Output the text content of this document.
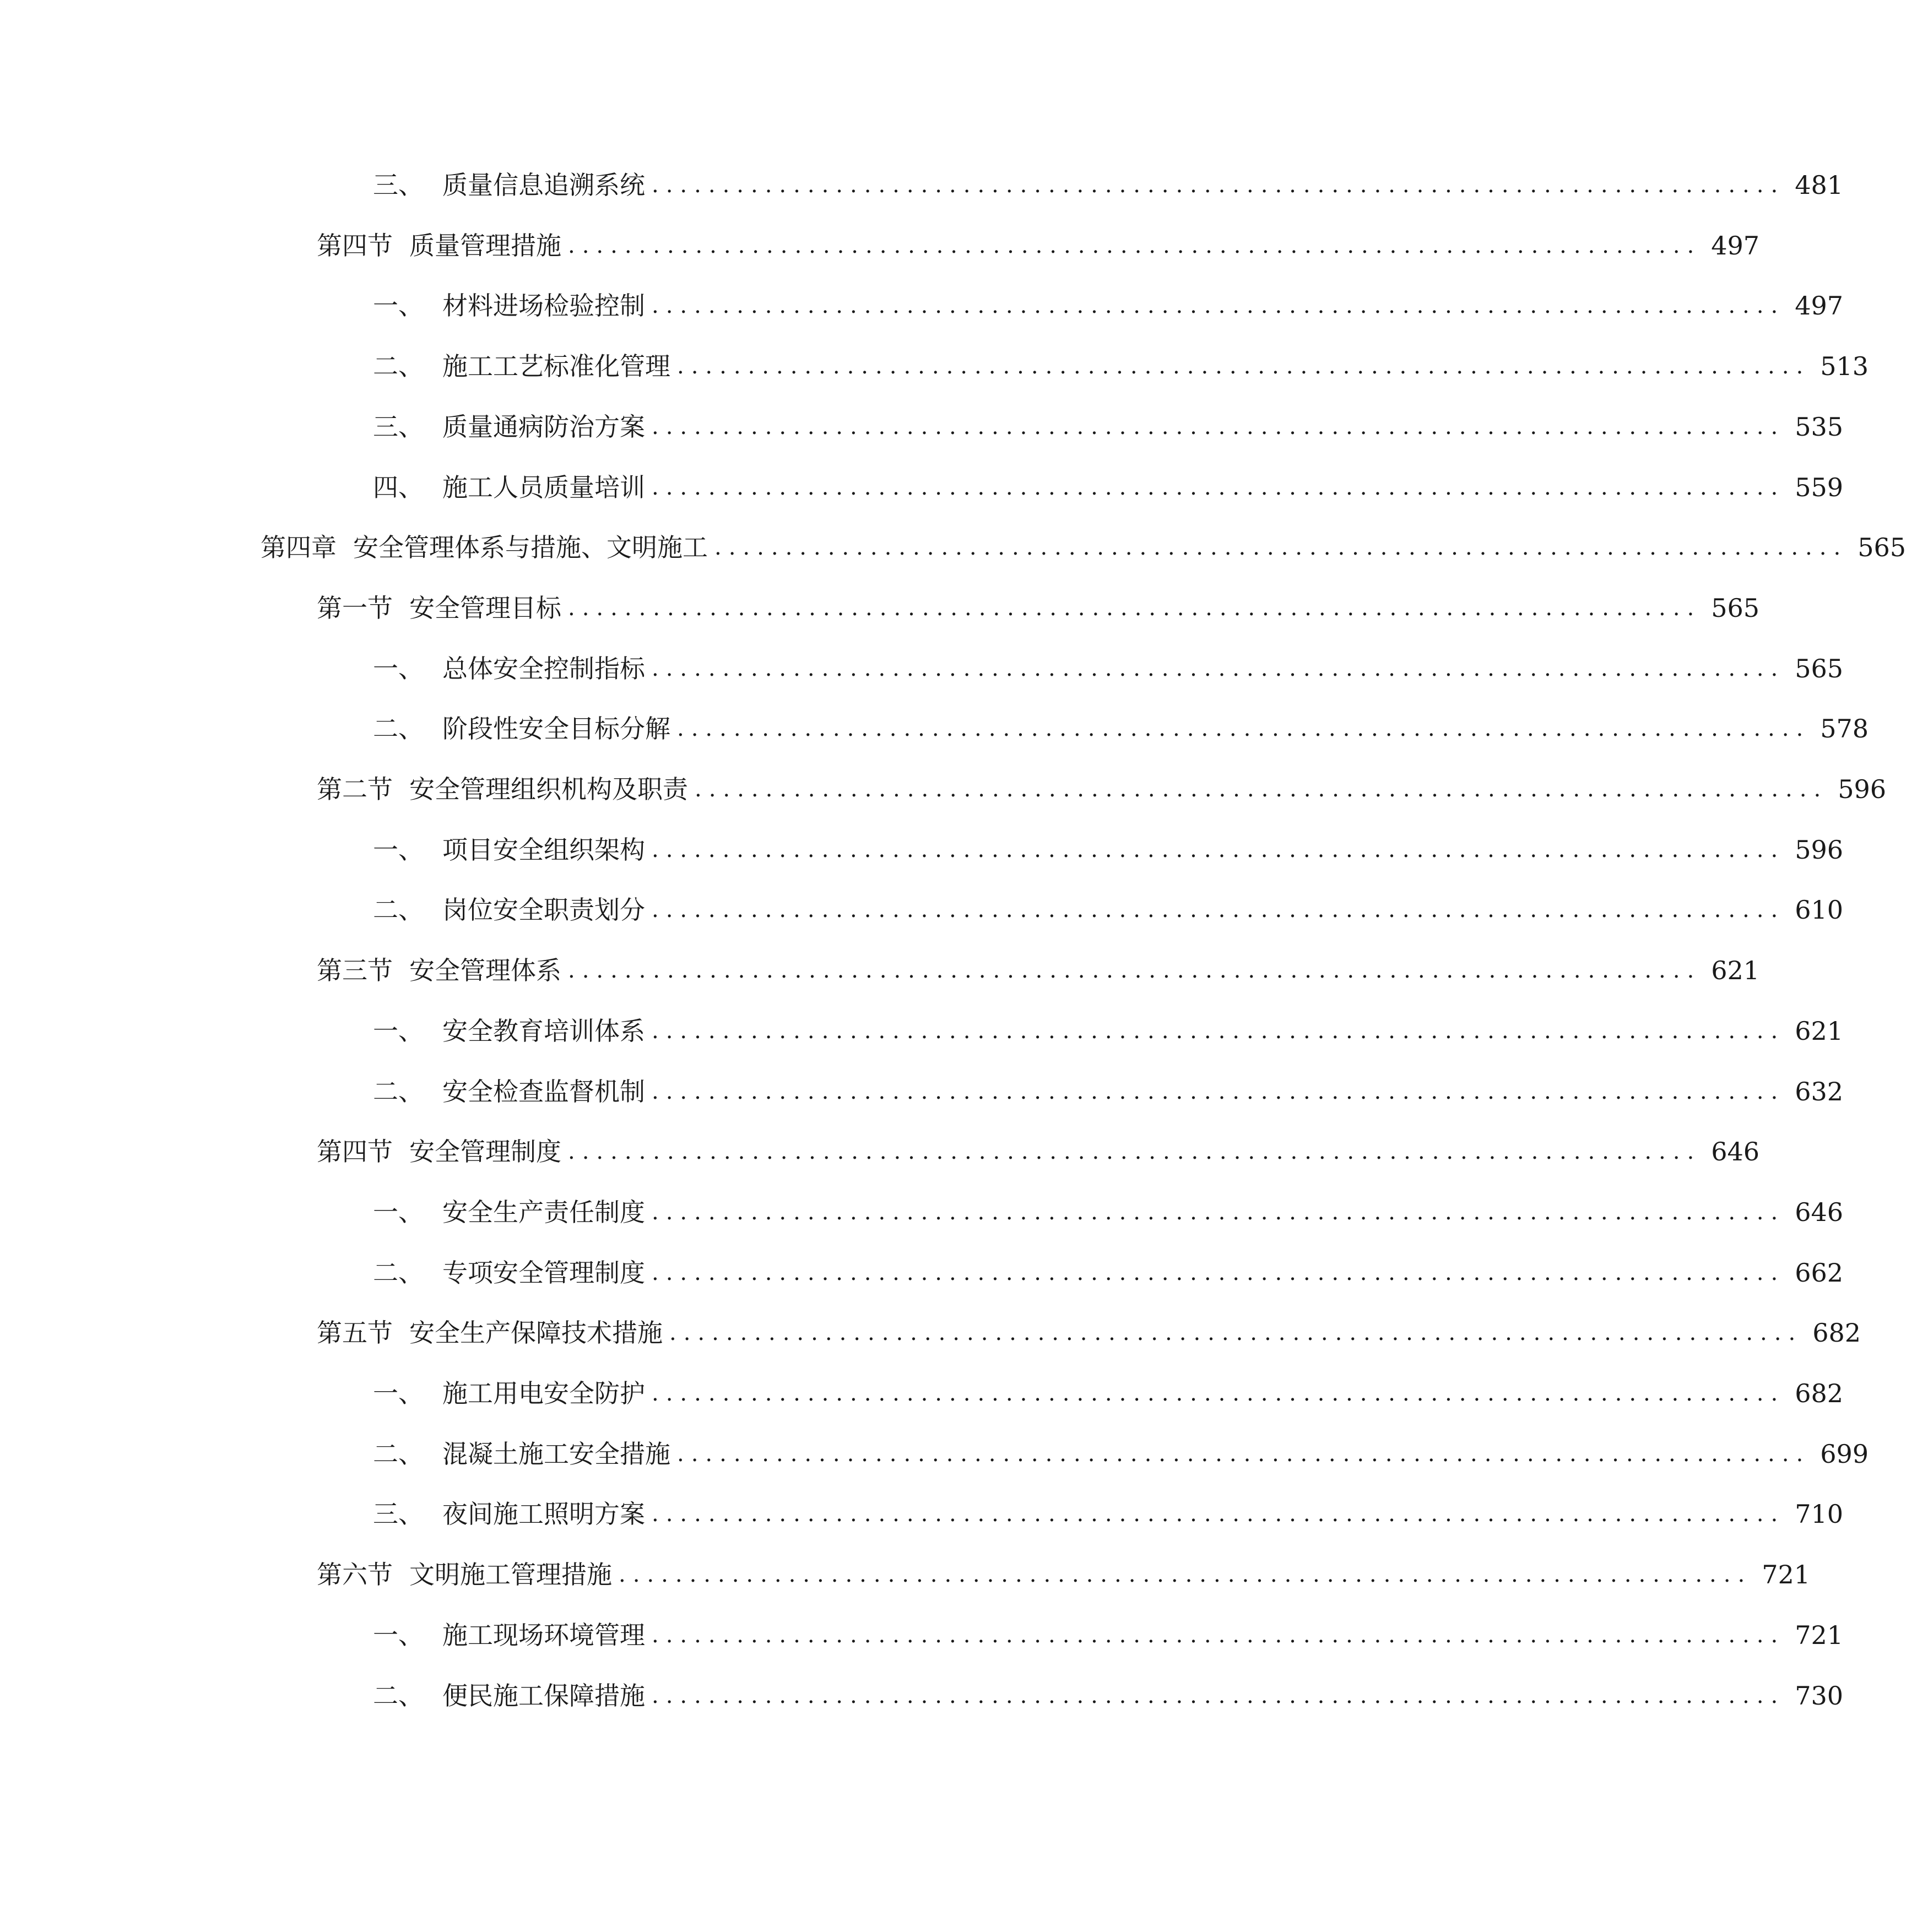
三、 质量信息追溯系统 ................................................................................ 481
第四节 质量管理措施 ................................................................................ 497
一、 材料进场检验控制 ................................................................................ 497
二、 施工工艺标准化管理 ................................................................................ 513
三、 质量通病防治方案 ................................................................................ 535
四、 施工人员质量培训 ................................................................................ 559
第四章 安全管理体系与措施、文明施工 ................................................................................ 565
第一节 安全管理目标 ................................................................................ 565
一、 总体安全控制指标 ................................................................................ 565
二、 阶段性安全目标分解 ................................................................................ 578
第二节 安全管理组织机构及职责 ................................................................................ 596
一、 项目安全组织架构 ................................................................................ 596
二、 岗位安全职责划分 ................................................................................ 610
第三节 安全管理体系 ................................................................................ 621
一、 安全教育培训体系 ................................................................................ 621
二、 安全检查监督机制 ................................................................................ 632
第四节 安全管理制度 ................................................................................ 646
一、 安全生产责任制度 ................................................................................ 646
二、 专项安全管理制度 ................................................................................ 662
第五节 安全生产保障技术措施 ................................................................................ 682
一、 施工用电安全防护 ................................................................................ 682
二、 混凝土施工安全措施 ................................................................................ 699
三、 夜间施工照明方案 ................................................................................ 710
第六节 文明施工管理措施 ................................................................................ 721
一、 施工现场环境管理 ................................................................................ 721
二、 便民施工保障措施 ................................................................................ 730
